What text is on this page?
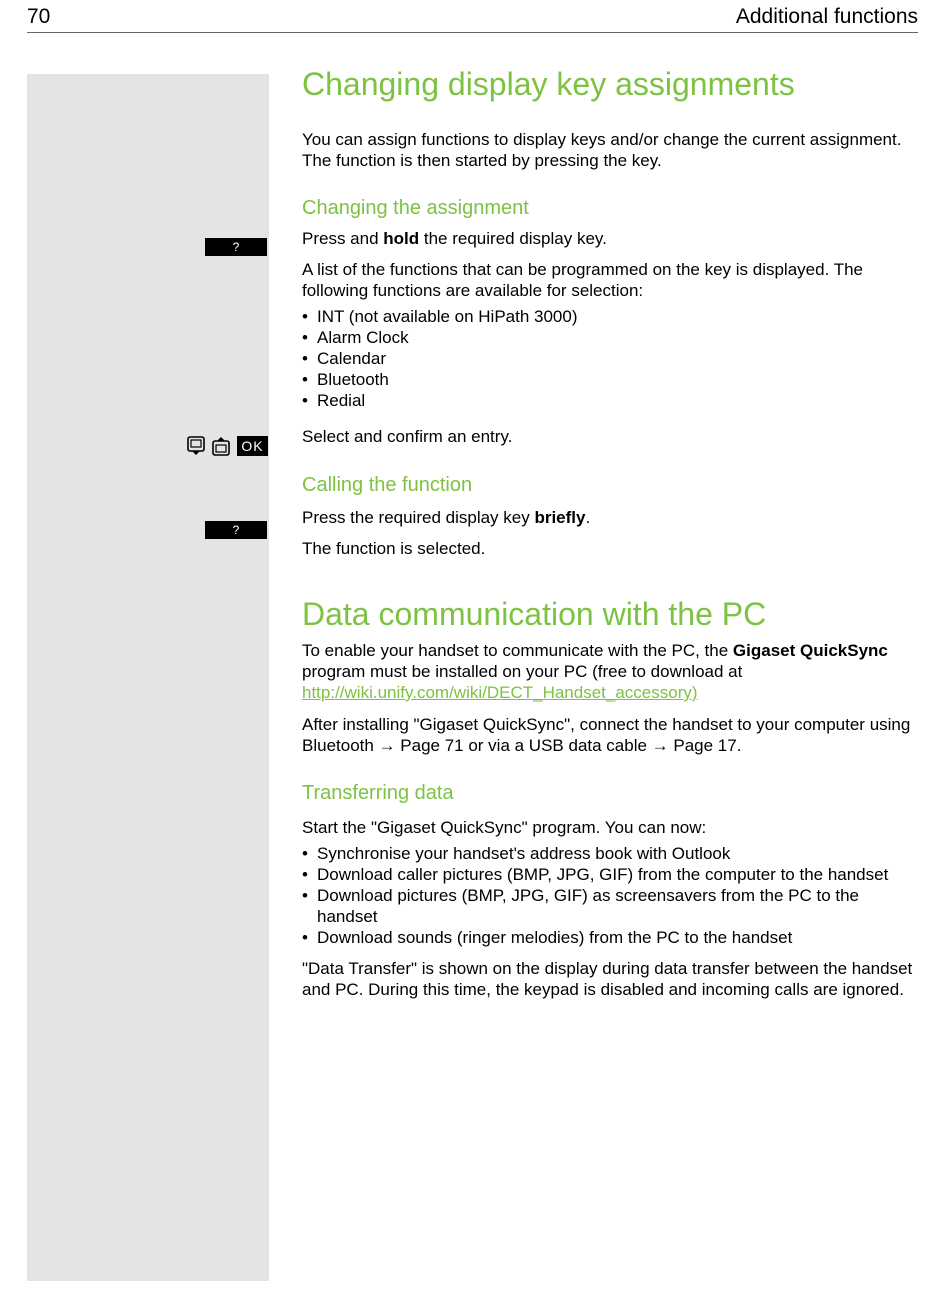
70	Additional functions
?
OK
?
Changing display key assignments

You can assign functions to display keys and/or change the current assignment. The function is then started by pressing the key.

Changing the assignment

Press and hold the required display key.

A list of the functions that can be programmed on the key is displayed. The following functions are available for selection:

• INT (not available on HiPath 3000)
• Alarm Clock
• Calendar
• Bluetooth
• Redial

Select and confirm an entry.

Calling the function

Press the required display key briefly.

The function is selected.

Data communication with the PC

To enable your handset to communicate with the PC, the Gigaset QuickSync program must be installed on your PC (free to download at http://wiki.unify.com/wiki/DECT_Handset_accessory)

After installing "Gigaset QuickSync", connect the handset to your computer using Bluetooth → Page 71 or via a USB data cable → Page 17.

Transferring data

Start the "Gigaset QuickSync" program. You can now:

• Synchronise your handset's address book with Outlook
• Download caller pictures (BMP, JPG, GIF) from the computer to the handset
• Download pictures (BMP, JPG, GIF) as screensavers from the PC to the handset
• Download sounds (ringer melodies) from the PC to the handset

"Data Transfer" is shown on the display during data transfer between the handset and PC. During this time, the keypad is disabled and incoming calls are ignored.
